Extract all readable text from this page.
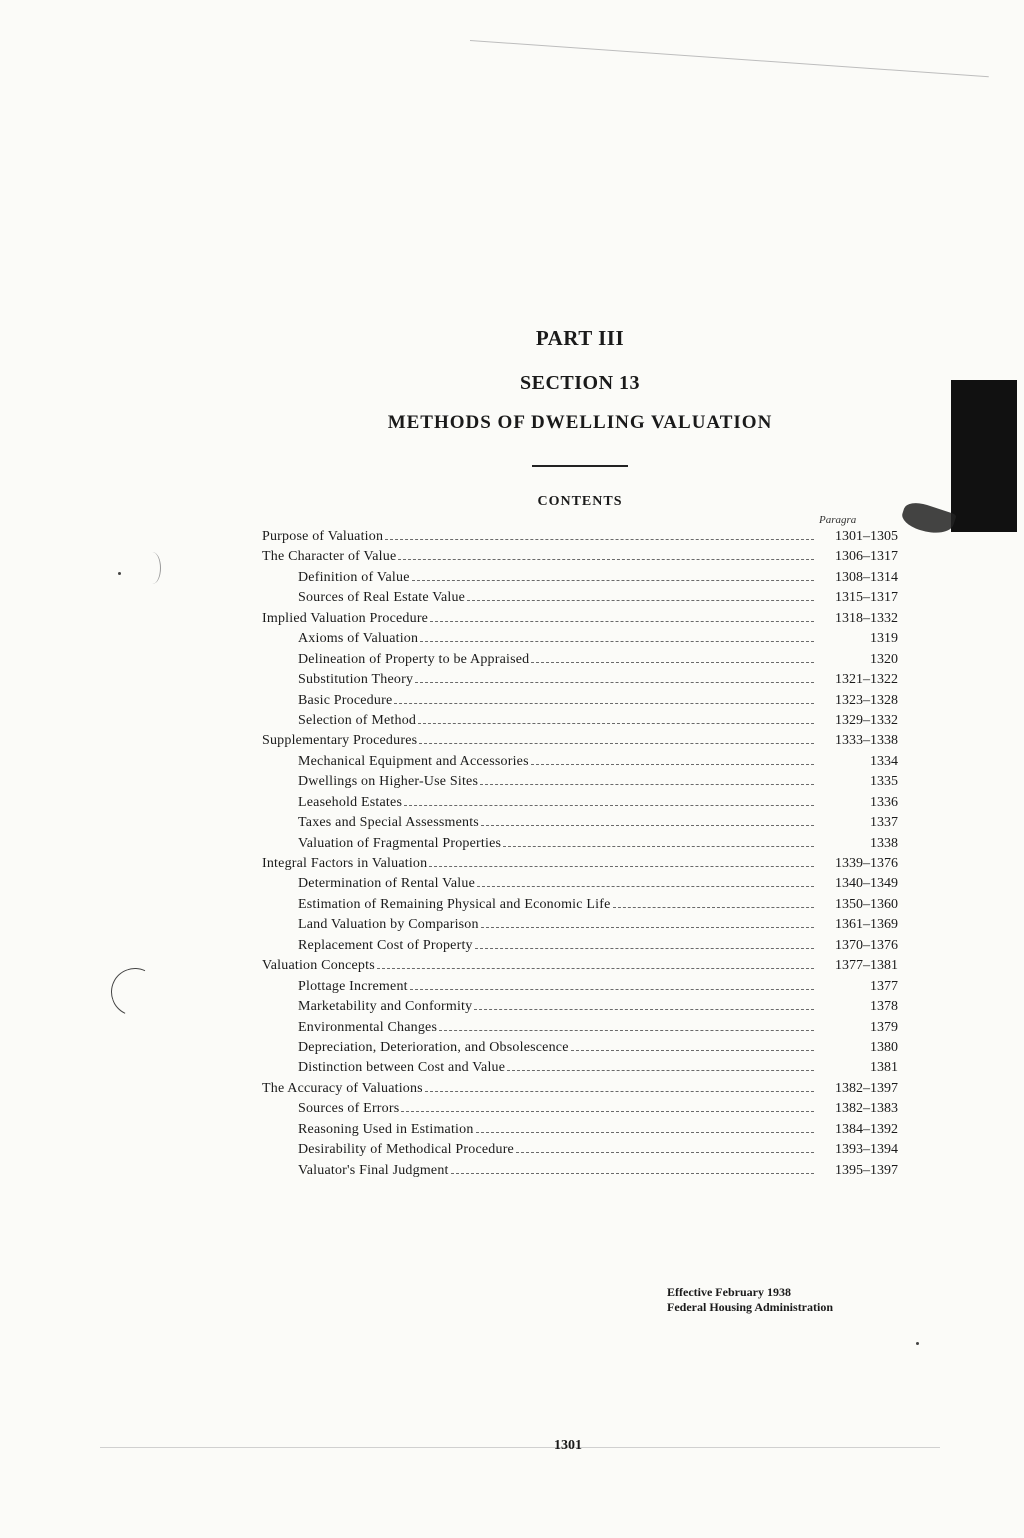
PART III
SECTION 13
METHODS OF DWELLING VALUATION
CONTENTS
Paragra
Purpose of Valuation	1301–1305
The Character of Value	1306–1317
Definition of Value	1308–1314
Sources of Real Estate Value	1315–1317
Implied Valuation Procedure	1318–1332
Axioms of Valuation	1319
Delineation of Property to be Appraised	1320
Substitution Theory	1321–1322
Basic Procedure	1323–1328
Selection of Method	1329–1332
Supplementary Procedures	1333–1338
Mechanical Equipment and Accessories	1334
Dwellings on Higher-Use Sites	1335
Leasehold Estates	1336
Taxes and Special Assessments	1337
Valuation of Fragmental Properties	1338
Integral Factors in Valuation	1339–1376
Determination of Rental Value	1340–1349
Estimation of Remaining Physical and Economic Life	1350–1360
Land Valuation by Comparison	1361–1369
Replacement Cost of Property	1370–1376
Valuation Concepts	1377–1381
Plottage Increment	1377
Marketability and Conformity	1378
Environmental Changes	1379
Depreciation, Deterioration, and Obsolescence	1380
Distinction between Cost and Value	1381
The Accuracy of Valuations	1382–1397
Sources of Errors	1382–1383
Reasoning Used in Estimation	1384–1392
Desirability of Methodical Procedure	1393–1394
Valuator's Final Judgment	1395–1397
Effective February 1938
Federal Housing Administration
1301
